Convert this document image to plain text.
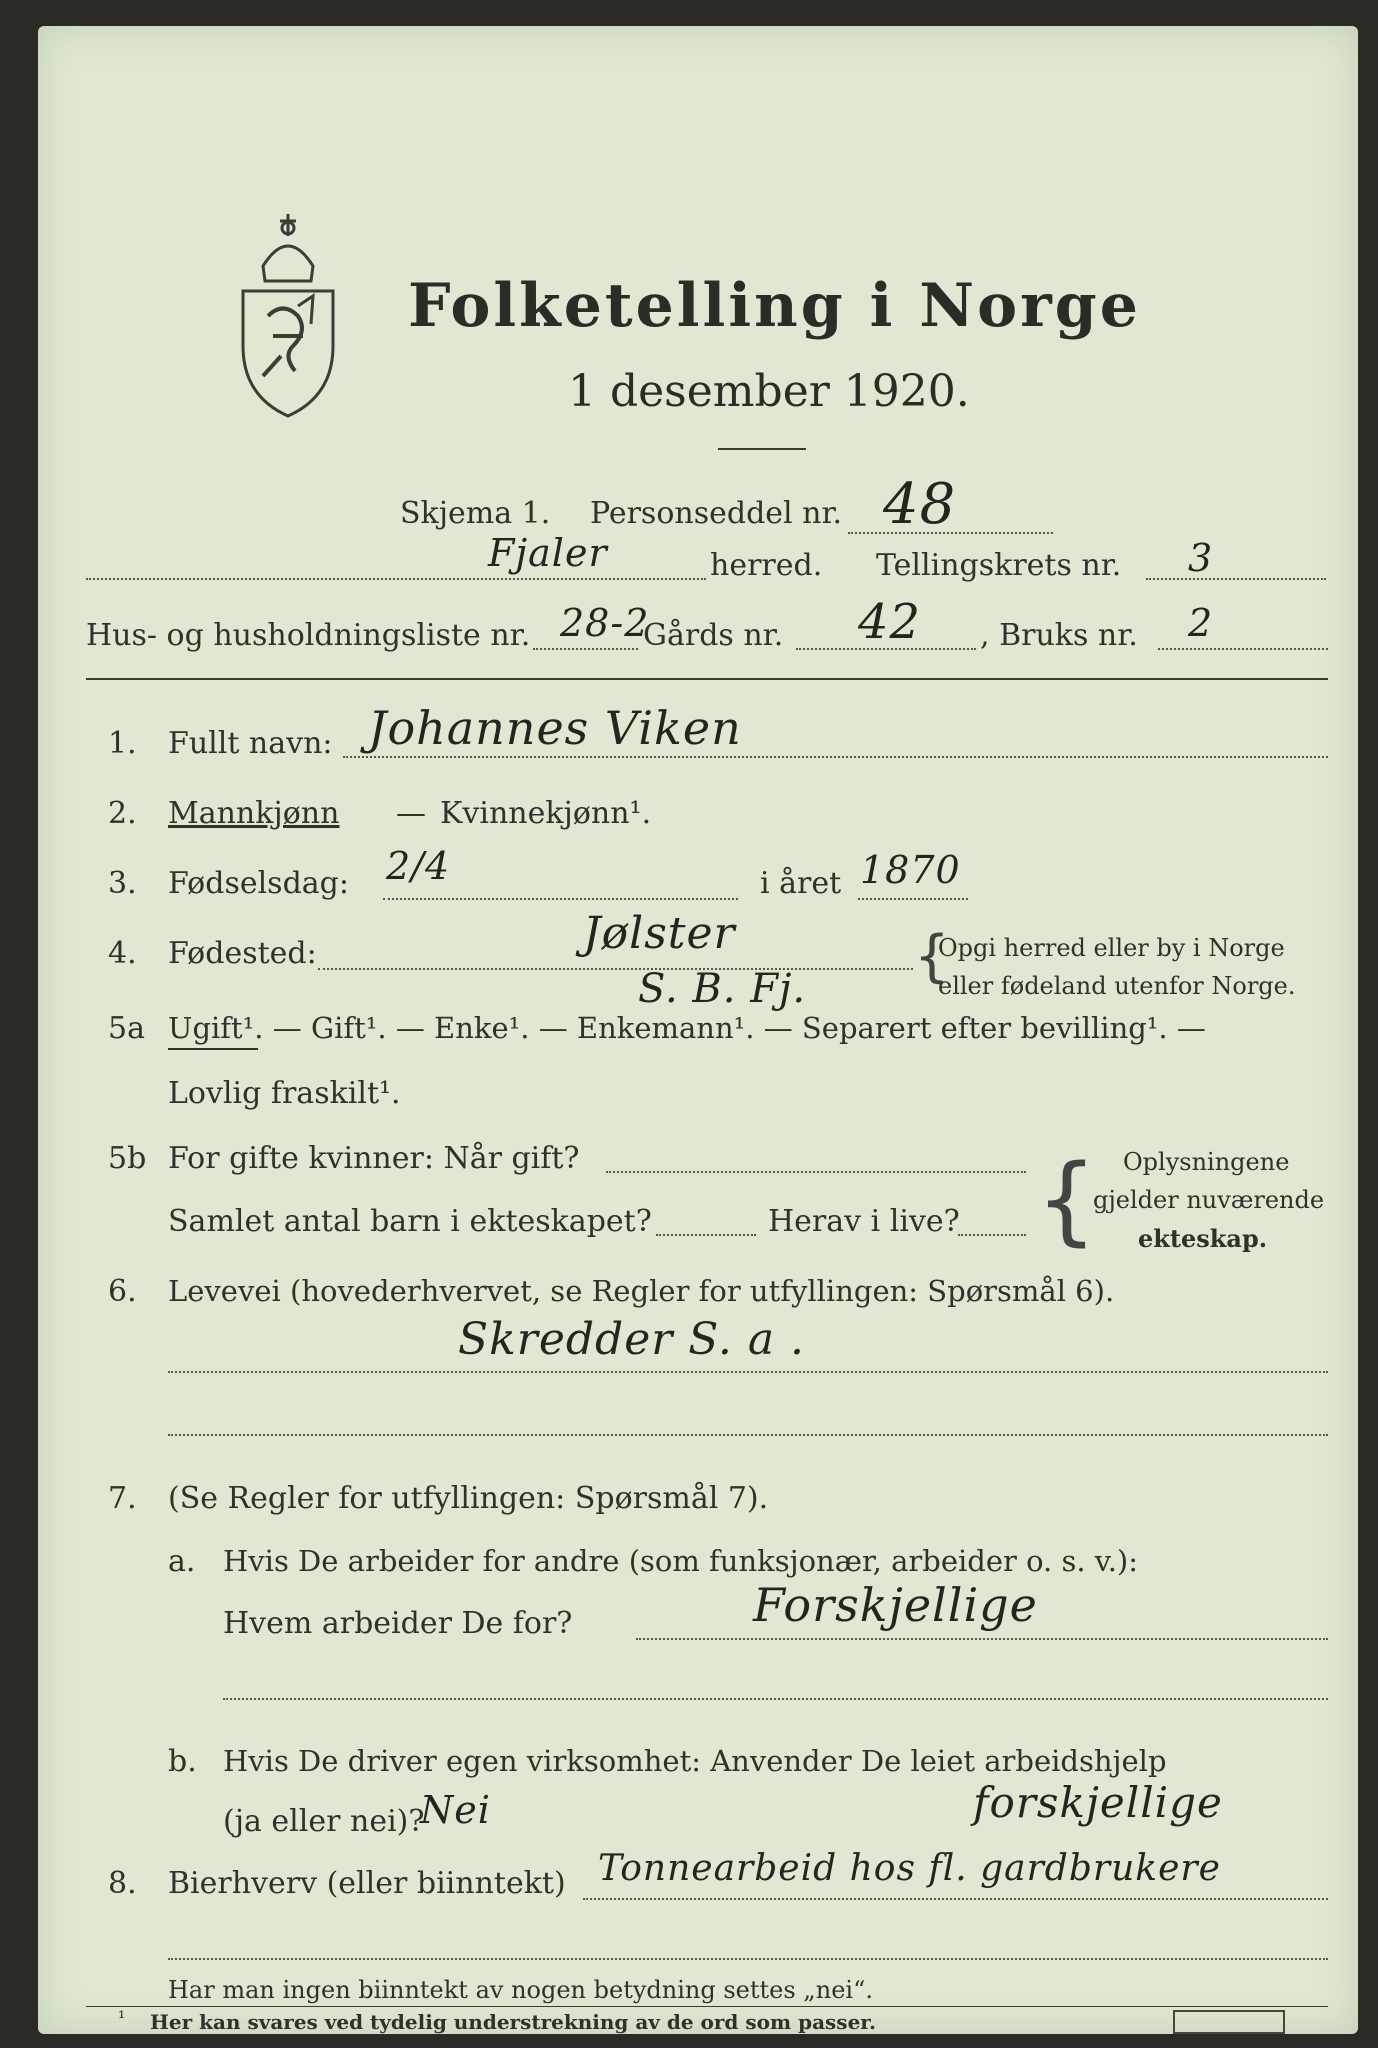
Folketelling i Norge
1 desember 1920.
Skjema 1. Personseddel nr. 48
Fjaler	herred. Tellingskrets nr. 3
Hus- og husholdningsliste nr. 28-2
Gårds nr. 42 , Bruks nr. 2
1. Fullt navn: Johannes Viken
2. Mannkjønn — Kvinnekjønn¹.
3. Fødselsdag: 2/4	i året 1870
4. Fødested:	Jølster	{
Opgi herred eller by i Norge
eller fødeland utenfor Norge.
S. B. Fj.
5a Ugift¹. — Gift¹. — Enke¹. — Enkemann¹. — Separert efter bevilling¹. —
Lovlig fraskilt¹.
5b For gifte kvinner: Når gift?
Samlet antal barn i ekteskapet?	Herav i live? { Oplysningene
gjelder nuværende
ekteskap.
6. Levevei (hovederhvervet, se Regler for utfyllingen: Spørsmål 6).
Skredder S. a .
7. (Se Regler for utfyllingen: Spørsmål 7).
a. Hvis De arbeider for andre (som funksjonær, arbeider o. s. v.):
Hvem arbeider De for?	Forskjellige
b. Hvis De driver egen virksomhet: Anvender De leiet arbeidshjelp
(ja eller nei)?
Nei	forskjellige
8. Bierhverv (eller biinntekt) Tonnearbeid hos fl. gardbrukere
Har man ingen biinntekt av nogen betydning settes „nei“.
¹ Her kan svares ved tydelig understrekning av de ord som passer.
